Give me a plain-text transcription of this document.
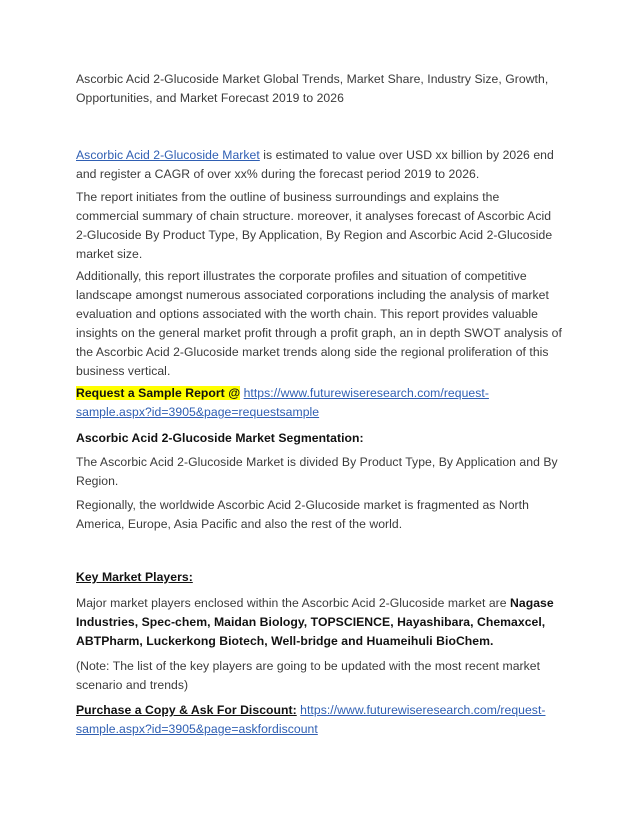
Ascorbic Acid 2-Glucoside Market Global Trends, Market Share, Industry Size, Growth, Opportunities, and Market Forecast 2019 to 2026

Ascorbic Acid 2-Glucoside Market is estimated to value over USD xx billion by 2026 end and register a CAGR of over xx% during the forecast period 2019 to 2026.

The report initiates from the outline of business surroundings and explains the commercial summary of chain structure. moreover, it analyses forecast of Ascorbic Acid 2-Glucoside By Product Type, By Application, By Region and Ascorbic Acid 2-Glucoside market size.

Additionally, this report illustrates the corporate profiles and situation of competitive landscape amongst numerous associated corporations including the analysis of market evaluation and options associated with the worth chain. This report provides valuable insights on the general market profit through a profit graph, an in depth SWOT analysis of the Ascorbic Acid 2-Glucoside market trends along side the regional proliferation of this business vertical.

Request a Sample Report @ https://www.futurewiseresearch.com/request-sample.aspx?id=3905&page=requestsample

Ascorbic Acid 2-Glucoside Market Segmentation:

The Ascorbic Acid 2-Glucoside Market is divided By Product Type, By Application and By Region.

Regionally, the worldwide Ascorbic Acid 2-Glucoside market is fragmented as North America, Europe, Asia Pacific and also the rest of the world.

Key Market Players:

Major market players enclosed within the Ascorbic Acid 2-Glucoside market are Nagase Industries, Spec-chem, Maidan Biology, TOPSCIENCE, Hayashibara, Chemaxcel, ABTPharm, Luckerkong Biotech, Well-bridge and Huameihuli BioChem.

(Note: The list of the key players are going to be updated with the most recent market scenario and trends)

Purchase a Copy & Ask For Discount: https://www.futurewiseresearch.com/request-sample.aspx?id=3905&page=askfordiscount
